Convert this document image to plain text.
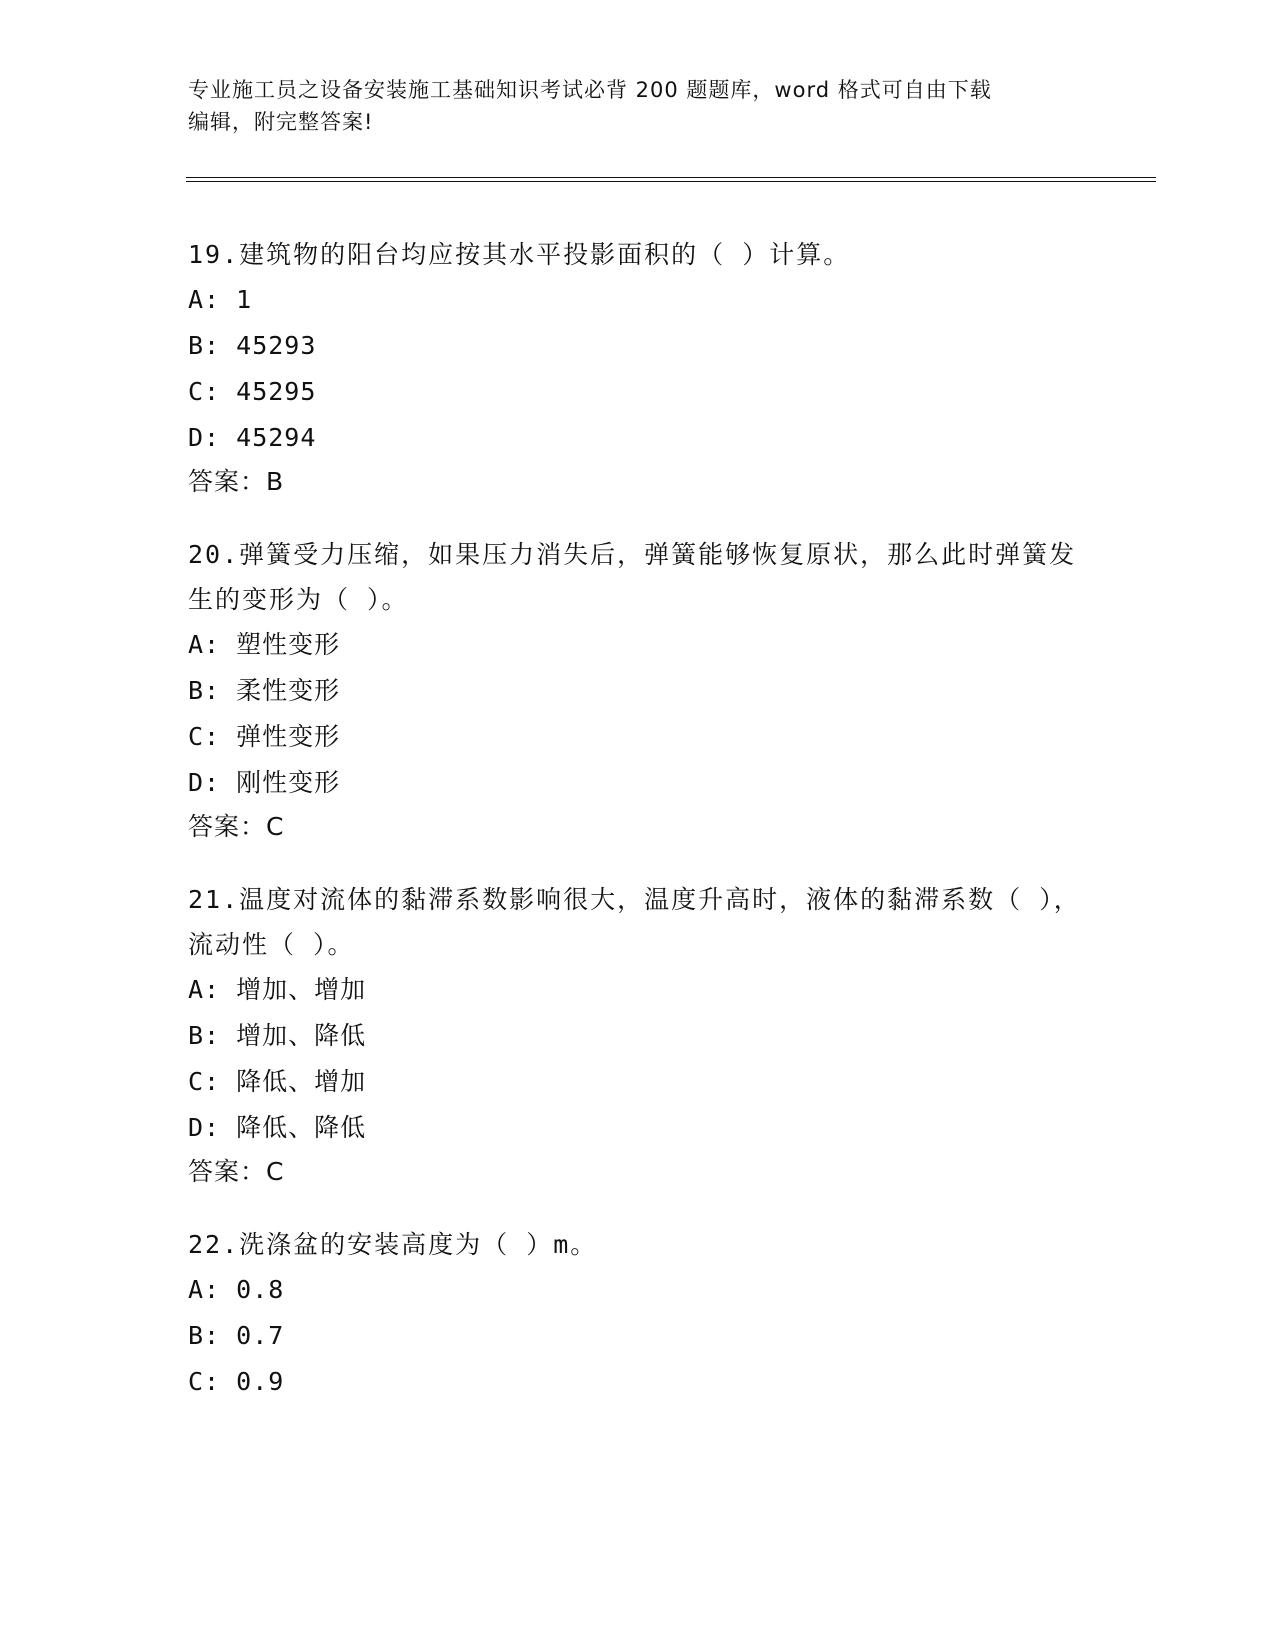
专业施工员之设备安装施工基础知识考试必背 200 题题库，word 格式可自由下载
编辑，附完整答案!
19.建筑物的阳台均应按其水平投影面积的（ ）计算。
A: 1
B: 45293
C: 45295
D: 45294
答案：B
20.弹簧受力压缩，如果压力消失后，弹簧能够恢复原状，那么此时弹簧发生的变形为（ ）。
A: 塑性变形
B: 柔性变形
C: 弹性变形
D: 刚性变形
答案：C
21.温度对流体的黏滞系数影响很大，温度升高时，液体的黏滞系数（ ），流动性（ ）。
A: 增加、增加
B: 增加、降低
C: 降低、增加
D: 降低、降低
答案：C
22.洗涤盆的安装高度为（ ）m。
A: 0.8
B: 0.7
C: 0.9
